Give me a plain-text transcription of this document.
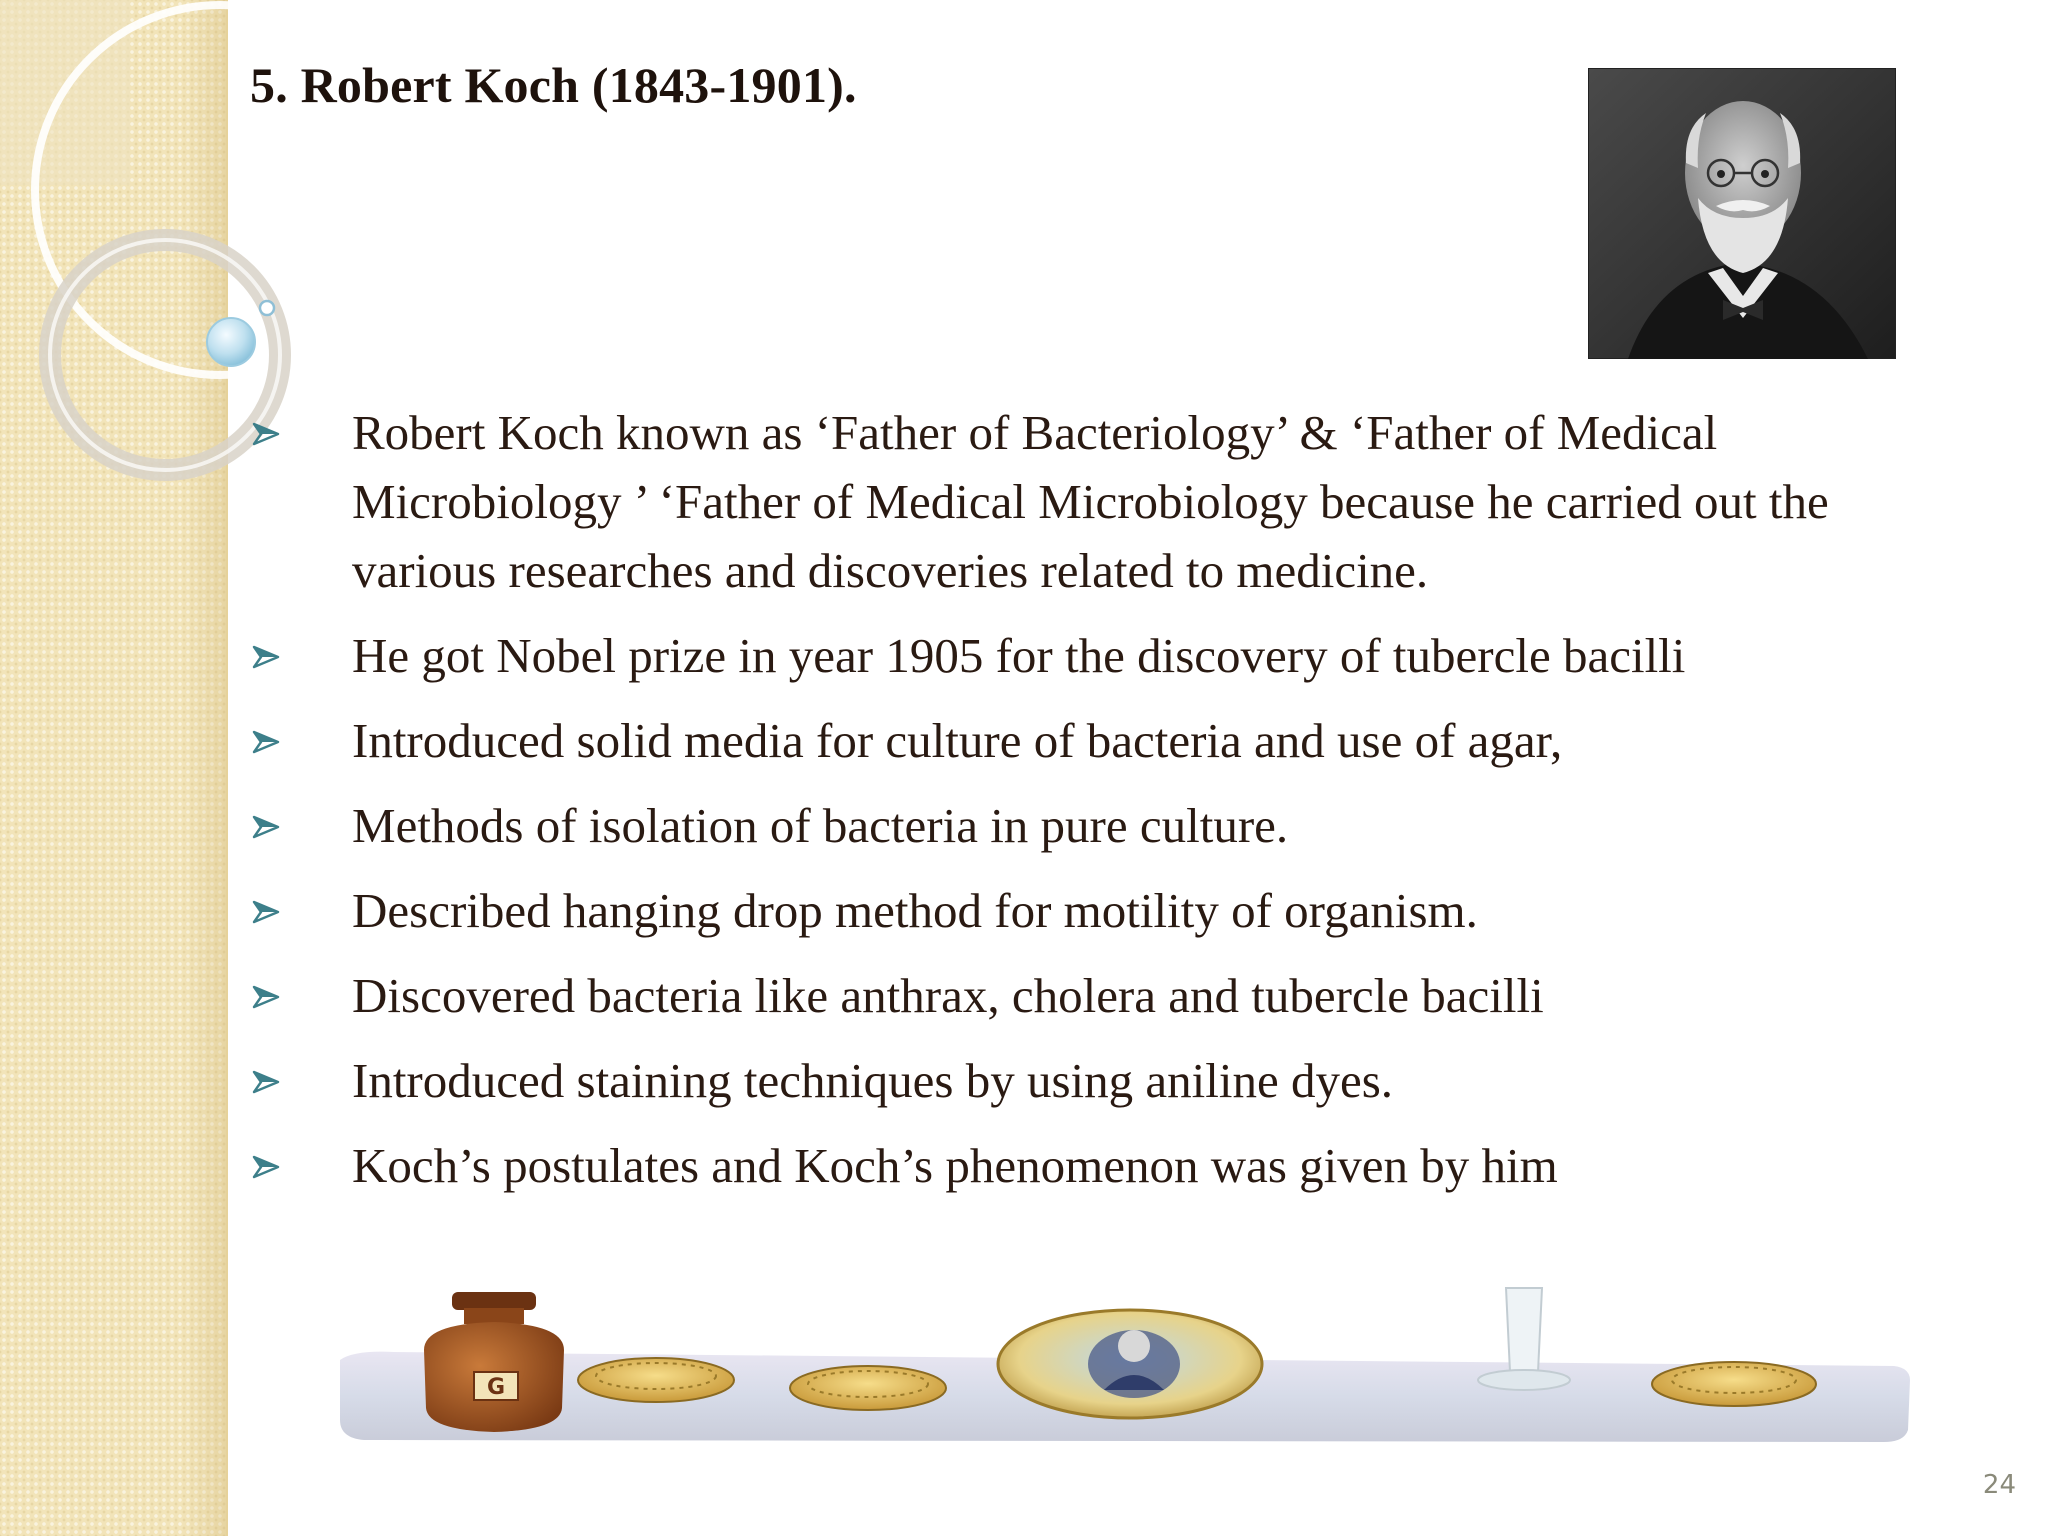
5. Robert Koch (1843-1901).
Robert Koch known as ‘Father of Bacteriology’ & ‘Father of Medical Microbiology ’ ‘Father of Medical Microbiology because he carried out the various researches and discoveries related to medicine.
He got Nobel prize in year 1905 for the discovery of tubercle bacilli
Introduced solid media for culture of bacteria and use of agar,
Methods of isolation of bacteria in pure culture.
Described hanging drop method for motility of organism.
Discovered bacteria like anthrax, cholera and tubercle bacilli
Introduced staining techniques by using aniline dyes.
Koch’s postulates and Koch’s phenomenon was given by him
G
24
